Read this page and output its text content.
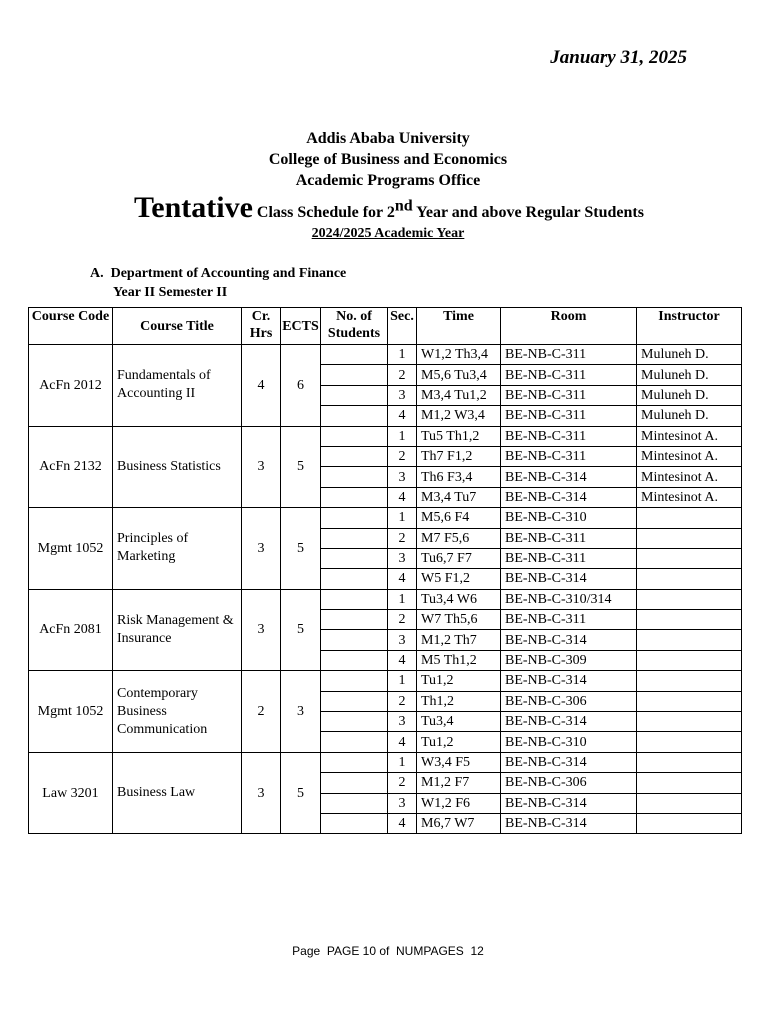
January 31, 2025
Addis Ababa University
College of Business and Economics
Academic Programs Office
Tentative Class Schedule for 2nd Year and above Regular Students
2024/2025 Academic Year
A.  Department of Accounting and Finance
Year II Semester II
Course Code	Course Title	Cr. Hrs	ECTS	No. of Students	Sec.	Time	Room	Instructor
AcFn 2012	Fundamentals of Accounting II	4	6		1	W1,2 Th3,4	BE-NB-C-311	Muluneh D.
					2	M5,6 Tu3,4	BE-NB-C-311	Muluneh D.
					3	M3,4 Tu1,2	BE-NB-C-311	Muluneh D.
					4	M1,2 W3,4	BE-NB-C-311	Muluneh D.
AcFn 2132	Business Statistics	3	5		1	Tu5 Th1,2	BE-NB-C-311	Mintesinot A.
					2	Th7 F1,2	BE-NB-C-311	Mintesinot A.
					3	Th6 F3,4	BE-NB-C-314	Mintesinot A.
					4	M3,4 Tu7	BE-NB-C-314	Mintesinot A.
Mgmt 1052	Principles of Marketing	3	5		1	M5,6 F4	BE-NB-C-310	
					2	M7 F5,6	BE-NB-C-311	
					3	Tu6,7 F7	BE-NB-C-311	
					4	W5 F1,2	BE-NB-C-314	
AcFn 2081	Risk Management & Insurance	3	5		1	Tu3,4 W6	BE-NB-C-310/314	
					2	W7 Th5,6	BE-NB-C-311	
					3	M1,2 Th7	BE-NB-C-314	
					4	M5 Th1,2	BE-NB-C-309	
Mgmt 1052	Contemporary Business Communication	2	3		1	Tu1,2	BE-NB-C-314	
					2	Th1,2	BE-NB-C-306	
					3	Tu3,4	BE-NB-C-314	
					4	Tu1,2	BE-NB-C-310	
Law 3201	Business Law	3	5		1	W3,4 F5	BE-NB-C-314	
					2	M1,2 F7	BE-NB-C-306	
					3	W1,2 F6	BE-NB-C-314	
					4	M6,7 W7	BE-NB-C-314	
Page  PAGE 10 of  NUMPAGES  12
